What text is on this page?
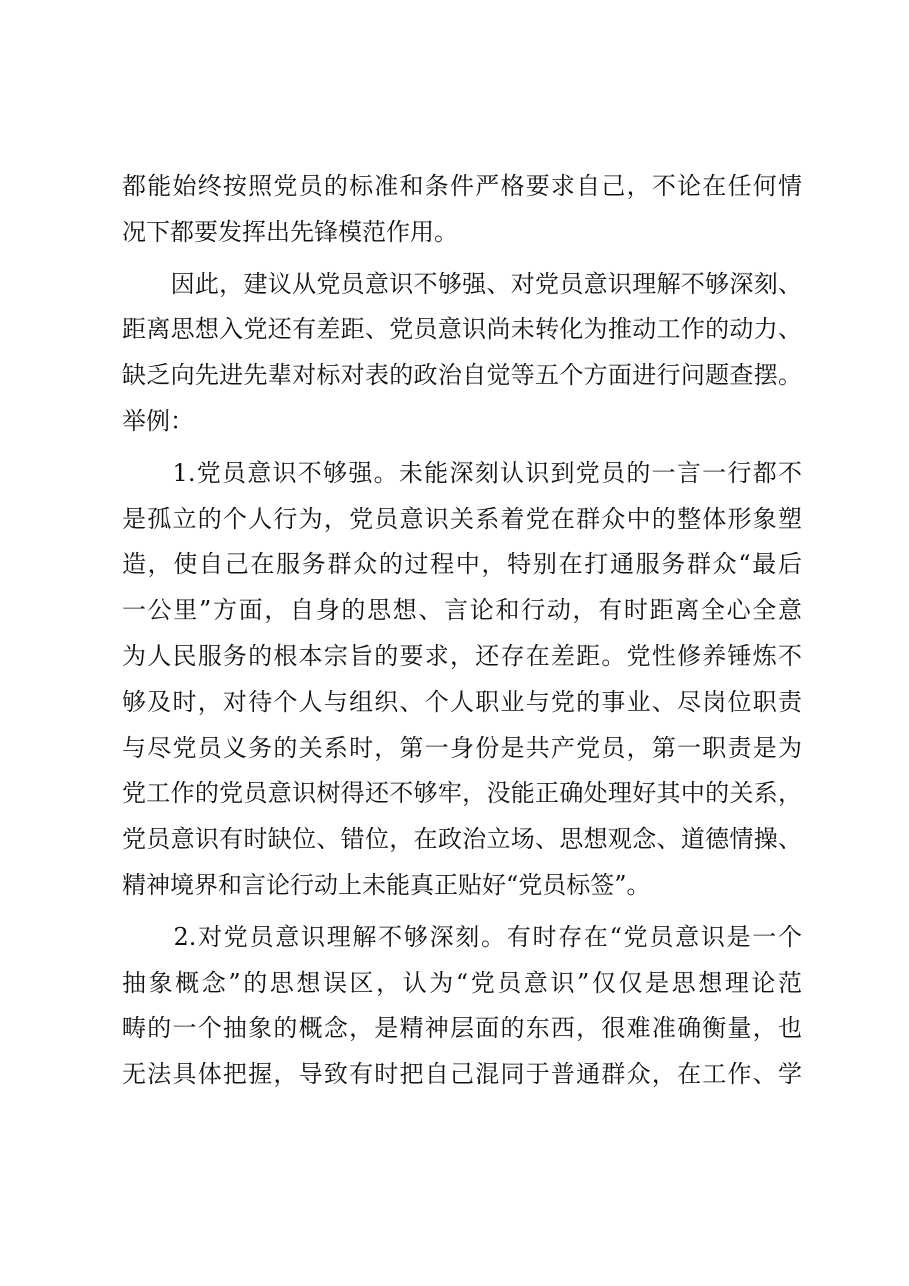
都能始终按照党员的标准和条件严格要求自己，不论在任何情
况下都要发挥出先锋模范作用。
　　因此，建议从党员意识不够强、对党员意识理解不够深刻、
距离思想入党还有差距、党员意识尚未转化为推动工作的动力、
缺乏向先进先辈对标对表的政治自觉等五个方面进行问题查摆。
举例：
　　1.党员意识不够强。未能深刻认识到党员的一言一行都不
是孤立的个人行为，党员意识关系着党在群众中的整体形象塑
造，使自己在服务群众的过程中，特别在打通服务群众“最后
一公里”方面，自身的思想、言论和行动，有时距离全心全意
为人民服务的根本宗旨的要求，还存在差距。党性修养锤炼不
够及时，对待个人与组织、个人职业与党的事业、尽岗位职责
与尽党员义务的关系时，第一身份是共产党员，第一职责是为
党工作的党员意识树得还不够牢，没能正确处理好其中的关系，
党员意识有时缺位、错位，在政治立场、思想观念、道德情操、
精神境界和言论行动上未能真正贴好“党员标签”。
　　2.对党员意识理解不够深刻。有时存在“党员意识是一个
抽象概念”的思想误区，认为“党员意识”仅仅是思想理论范
畴的一个抽象的概念，是精神层面的东西，很难准确衡量，也
无法具体把握，导致有时把自己混同于普通群众，在工作、学
